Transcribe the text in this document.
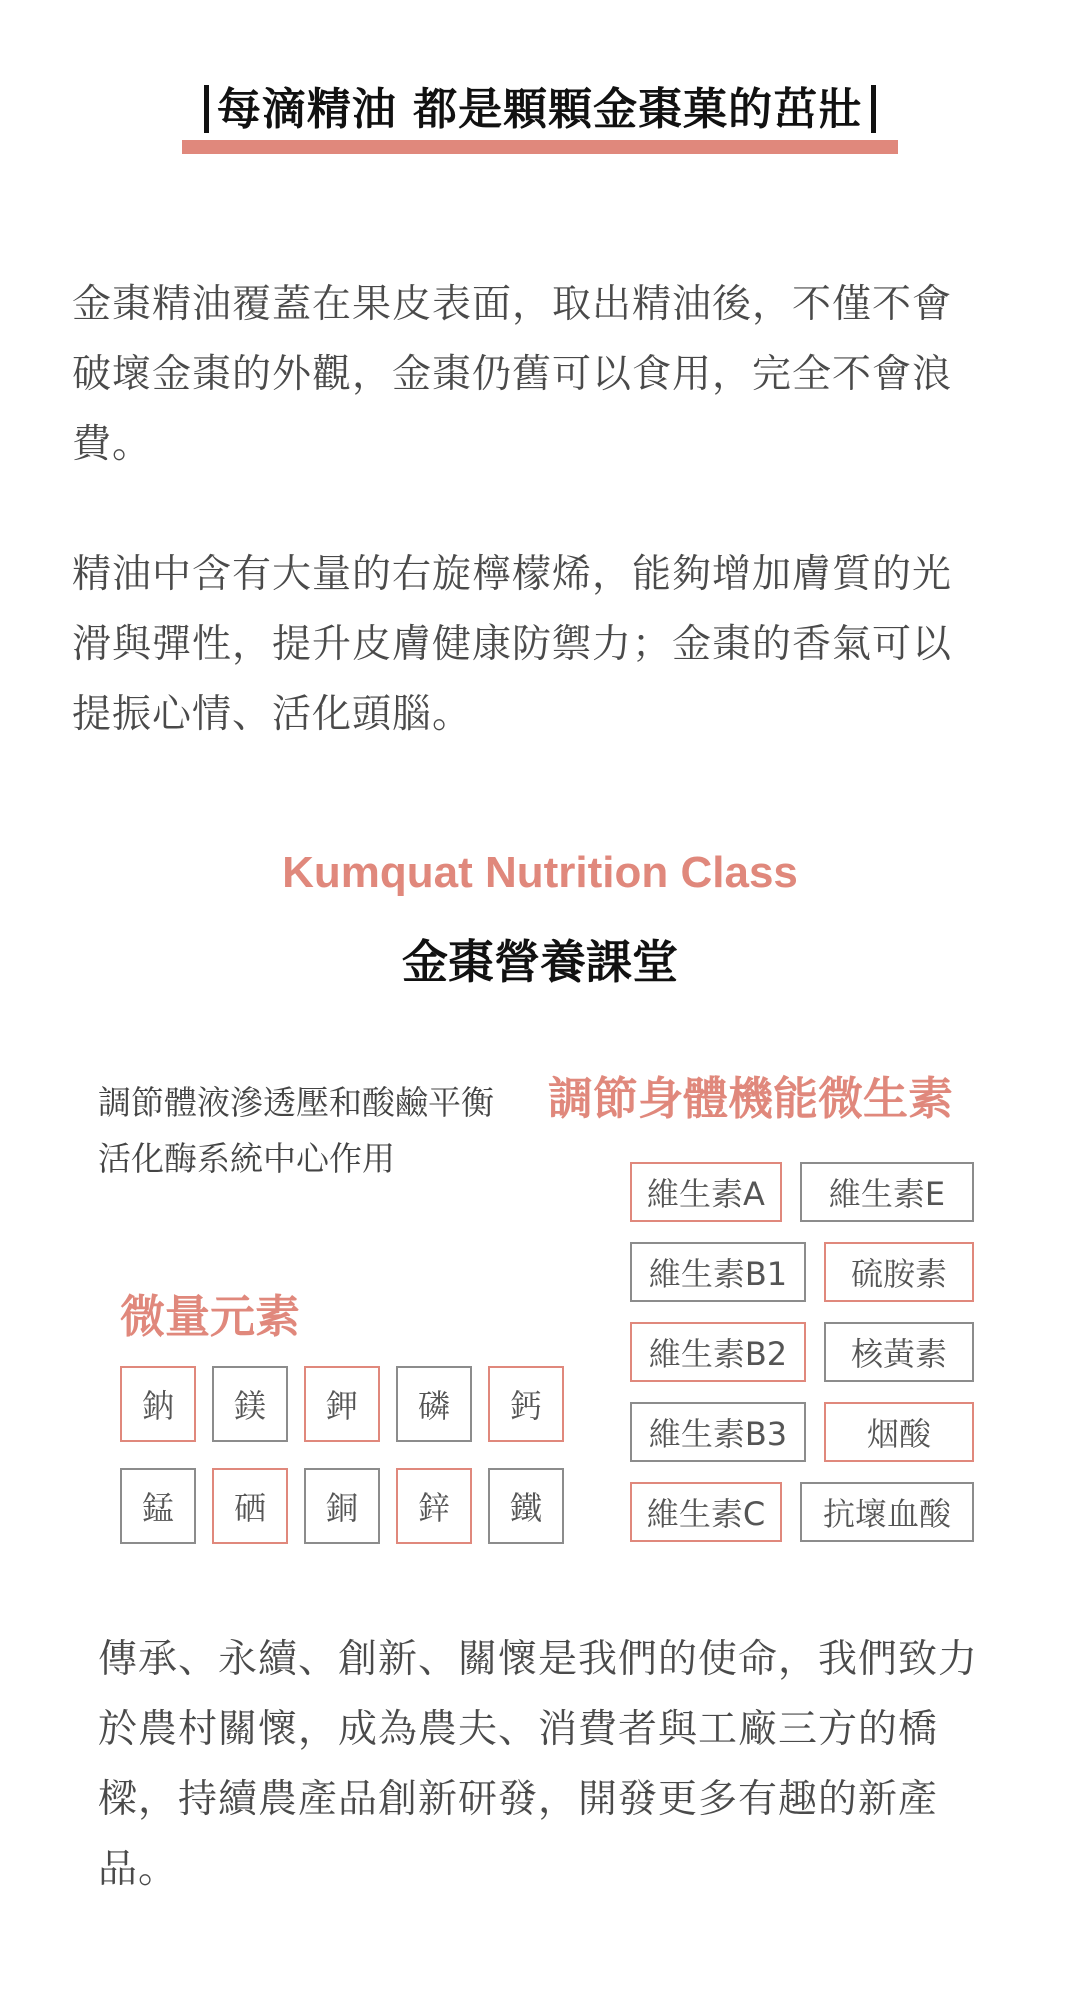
每滴精油 都是顆顆金棗菓的茁壯

金棗精油覆蓋在果皮表面，取出精油後，不僅不會破壞金棗的外觀，金棗仍舊可以食用，完全不會浪費。

精油中含有大量的右旋檸檬烯，能夠增加膚質的光滑與彈性，提升皮膚健康防禦力；金棗的香氣可以提振心情、活化頭腦。

Kumquat Nutrition Class
金棗營養課堂
調節體液滲透壓和酸鹼平衡
活化酶系統中心作用
調節身體機能微生素
微量元素
維生素A 維生素E
維生素B1 硫胺素
維生素B2 核黃素
維生素B3 烟酸
維生素C 抗壞血酸
鈉 鎂 鉀 磷 鈣
錳 硒 銅 鋅 鐵

傳承、永續、創新、關懷是我們的使命，我們致力於農村關懷，成為農夫、消費者與工廠三方的橋樑，持續農產品創新研發，開發更多有趣的新產品。
